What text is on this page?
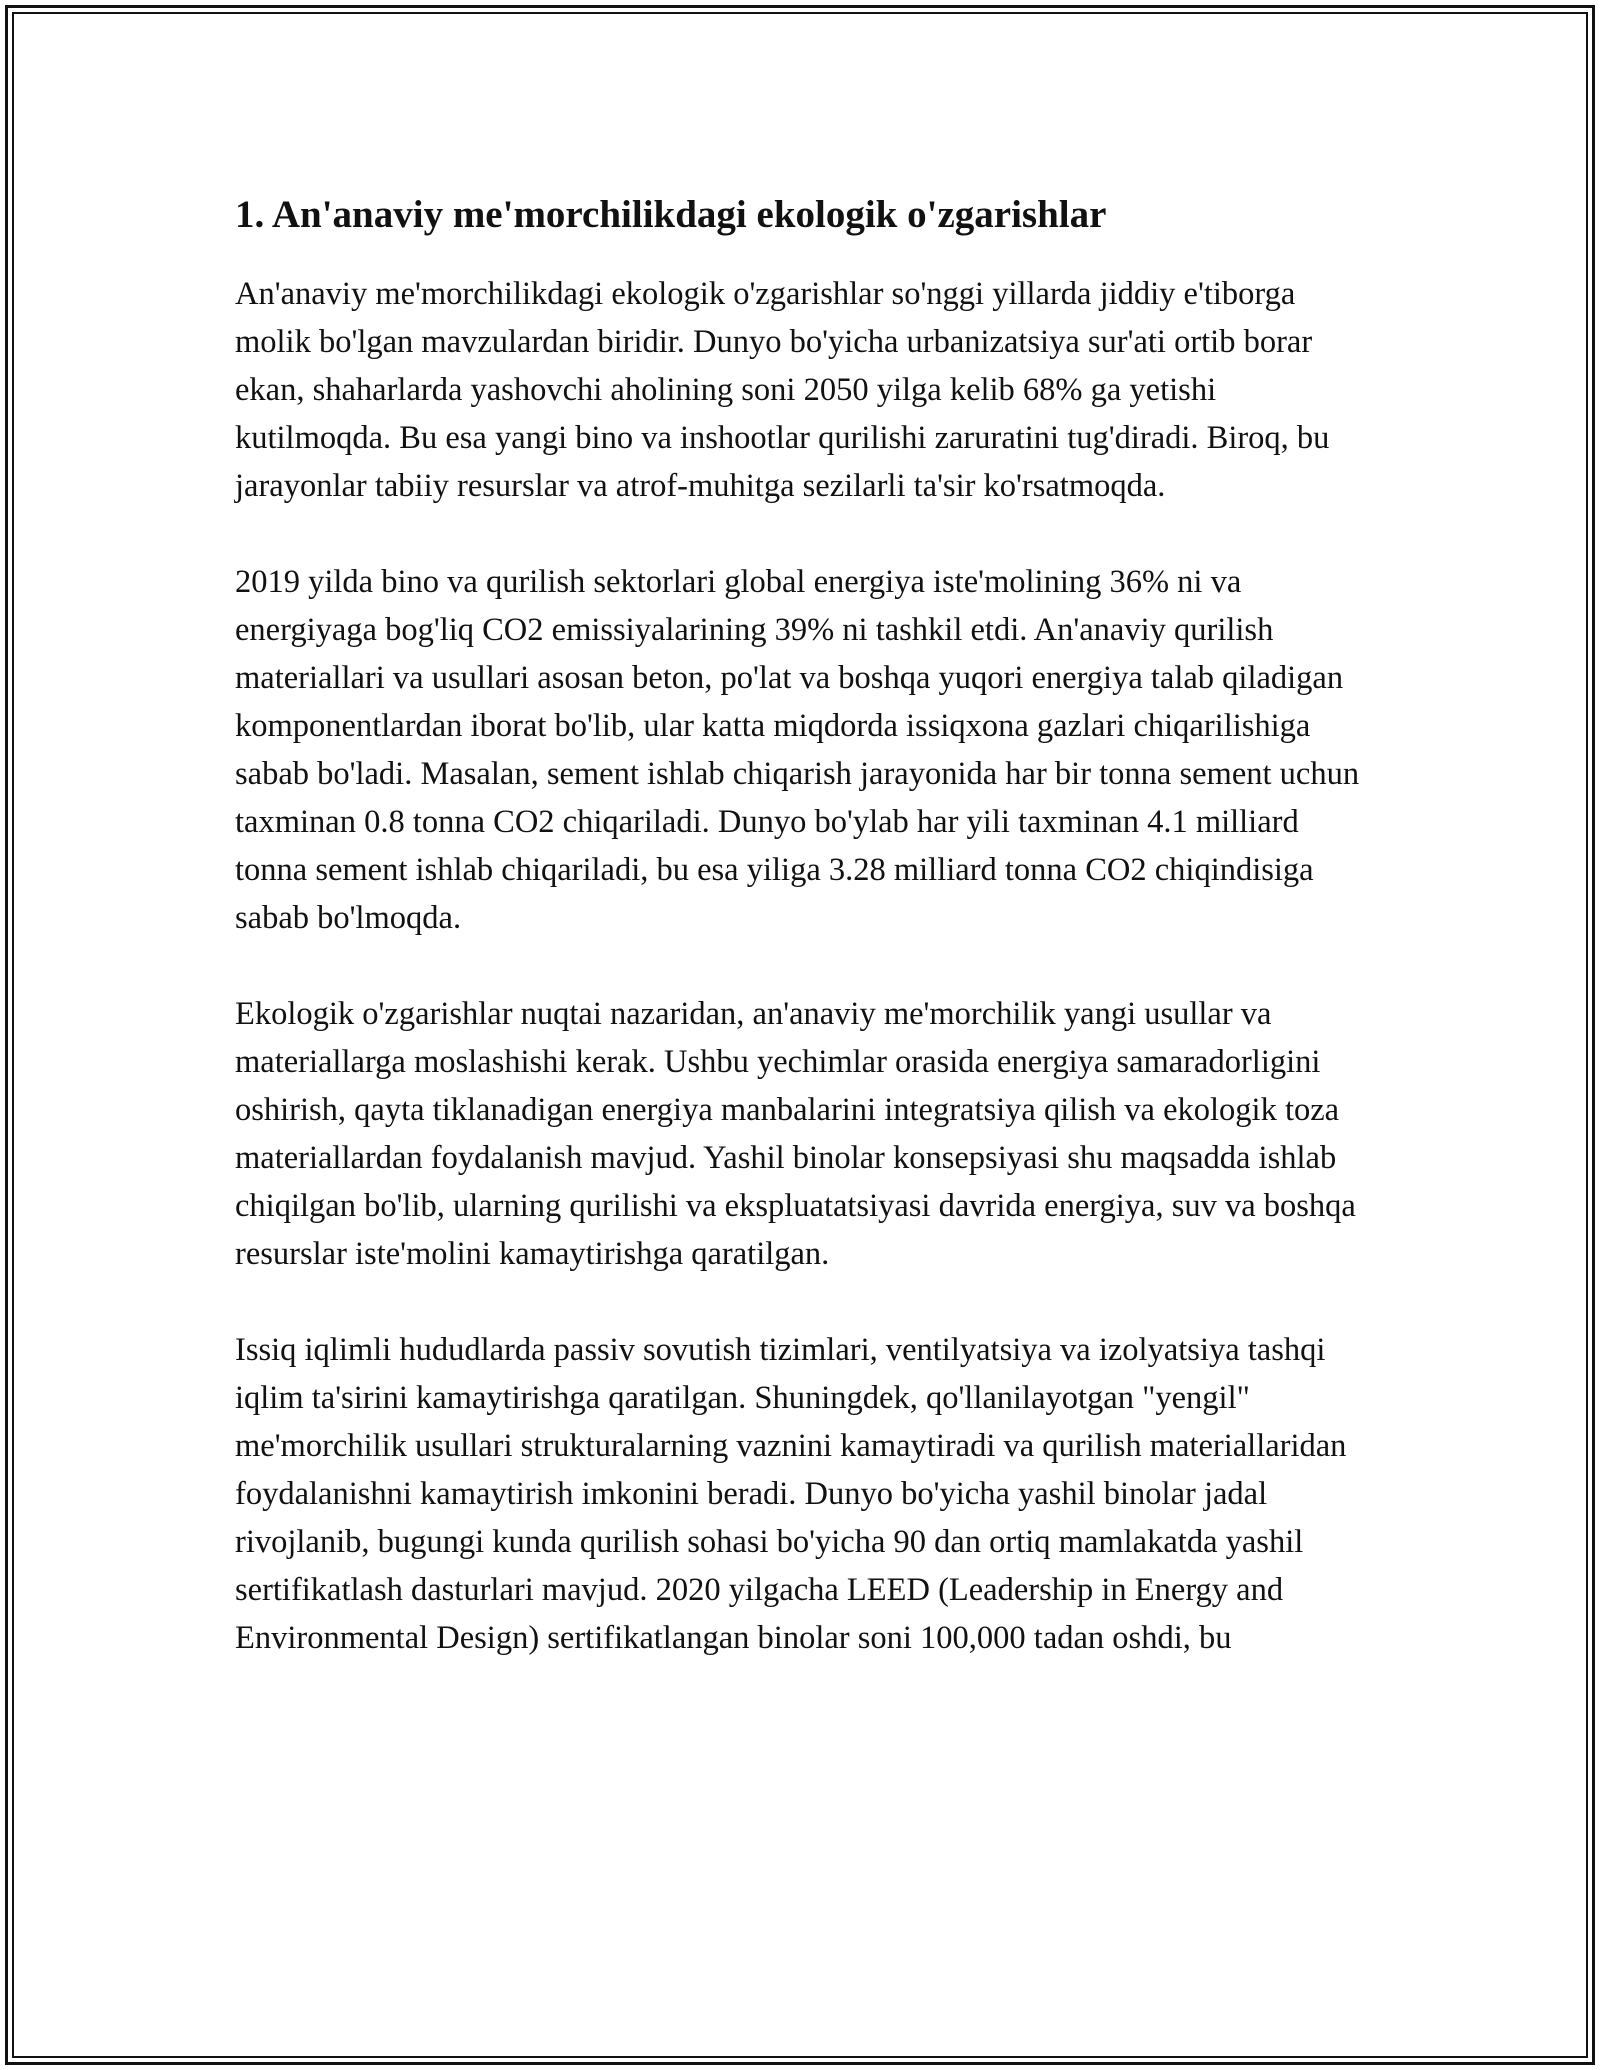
1. An'anaviy me'morchilikdagi ekologik o'zgarishlar

An'anaviy me'morchilikdagi ekologik o'zgarishlar so'nggi yillarda jiddiy e'tiborga molik bo'lgan mavzulardan biridir. Dunyo bo'yicha urbanizatsiya sur'ati ortib borar ekan, shaharlarda yashovchi aholining soni 2050 yilga kelib 68% ga yetishi kutilmoqda. Bu esa yangi bino va inshootlar qurilishi zaruratini tug'diradi. Biroq, bu jarayonlar tabiiy resurslar va atrof-muhitga sezilarli ta'sir ko'rsatmoqda.

2019 yilda bino va qurilish sektorlari global energiya iste'molining 36% ni va energiyaga bog'liq CO2 emissiyalarining 39% ni tashkil etdi. An'anaviy qurilish materiallari va usullari asosan beton, po'lat va boshqa yuqori energiya talab qiladigan komponentlardan iborat bo'lib, ular katta miqdorda issiqxona gazlari chiqarilishiga sabab bo'ladi. Masalan, sement ishlab chiqarish jarayonida har bir tonna sement uchun taxminan 0.8 tonna CO2 chiqariladi. Dunyo bo'ylab har yili taxminan 4.1 milliard tonna sement ishlab chiqariladi, bu esa yiliga 3.28 milliard tonna CO2 chiqindisiga sabab bo'lmoqda.

Ekologik o'zgarishlar nuqtai nazaridan, an'anaviy me'morchilik yangi usullar va materiallarga moslashishi kerak. Ushbu yechimlar orasida energiya samaradorligini oshirish, qayta tiklanadigan energiya manbalarini integratsiya qilish va ekologik toza materiallardan foydalanish mavjud. Yashil binolar konsepsiyasi shu maqsadda ishlab chiqilgan bo'lib, ularning qurilishi va ekspluatatsiyasi davrida energiya, suv va boshqa resurslar iste'molini kamaytirishga qaratilgan.

Issiq iqlimli hududlarda passiv sovutish tizimlari, ventilyatsiya va izolyatsiya tashqi iqlim ta'sirini kamaytirishga qaratilgan. Shuningdek, qo'llanilayotgan "yengil" me'morchilik usullari strukturalarning vaznini kamaytiradi va qurilish materiallaridan foydalanishni kamaytirish imkonini beradi. Dunyo bo'yicha yashil binolar jadal rivojlanib, bugungi kunda qurilish sohasi bo'yicha 90 dan ortiq mamlakatda yashil sertifikatlash dasturlari mavjud. 2020 yilgacha LEED (Leadership in Energy and Environmental Design) sertifikatlangan binolar soni 100,000 tadan oshdi, bu
